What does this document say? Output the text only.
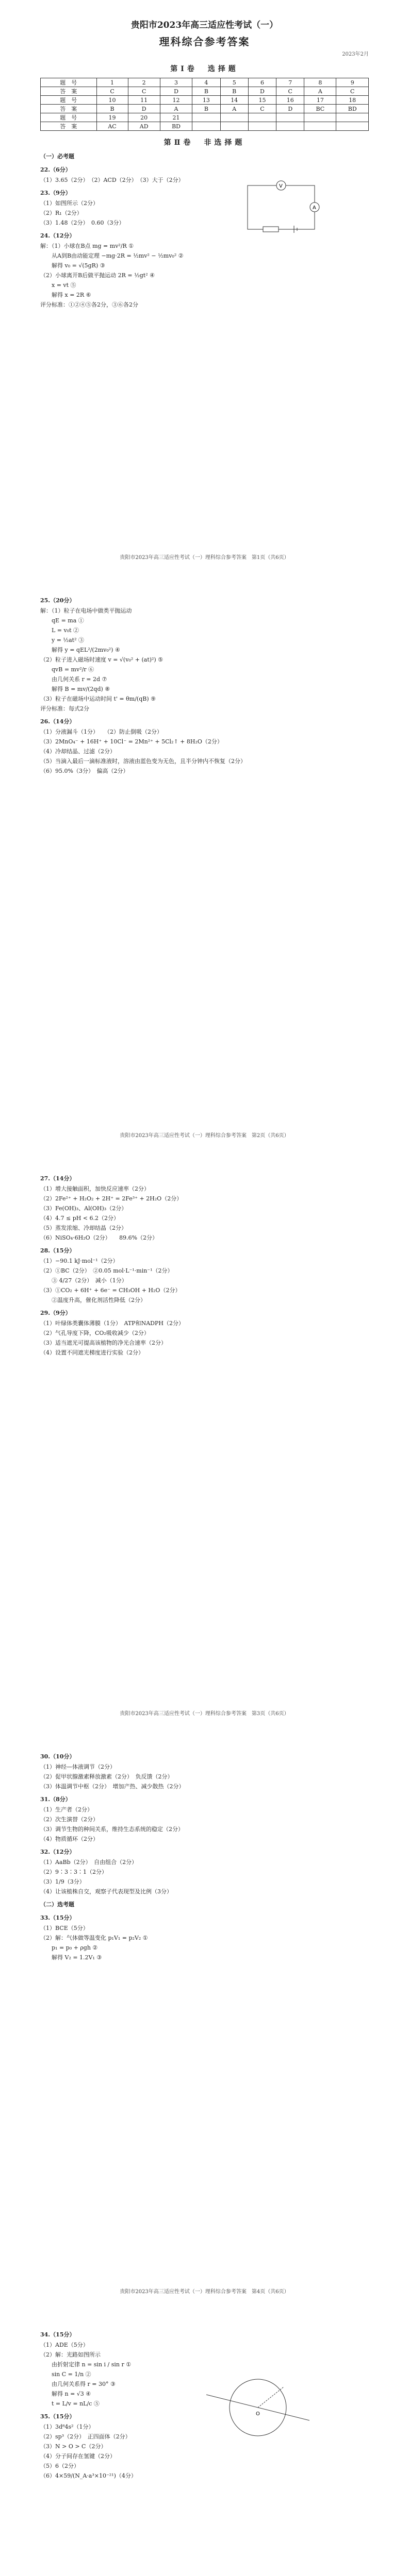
贵阳市2023年高三适应性考试（一）
理科综合参考答案
2023年2月
第Ⅰ卷　选择题
题　号	1	2	3	4	5	6	7	8	9
答　案	C	C	D	B	B	D	C	A	C
题　号	10	11	12	13	14	15	16	17	18
答　案	B	D	A	B	A	C	D	BC	BD
题　号	19	20	21						
答　案	AC	AD	BD						
第Ⅱ卷　非选择题
（一）必考题
22.（6分）
（1）3.65（2分）　（2）ACD（2分）　（3）大于（2分）
23.（9分）
（1）如图所示（2分）
（2）R₁（2分）
（3）1.48（2分）　0.60（3分）
24.（12分）
解：（1）小球在B点 mg = mv²/R ①
　　从A到B由动能定理 −mg·2R = ½mv² − ½mv₀² ②
　　解得 v₀ = √(5gR) ③
（2）小球离开B后做平抛运动 2R = ½gt² ④
　　x = vt ⑤
　　解得 x = 2R ⑥
评分标准：①②④⑤各2分，③⑥各2分
V
A
贵阳市2023年高三适应性考试（一）理科综合参考答案　第1页（共6页）
25.（20分）
解：（1）粒子在电场中做类平抛运动
　　qE = ma ①
　　L = v₀t ②
　　y = ½at² ③
　　解得 y = qEL²/(2mv₀²) ④
（2）粒子进入磁场时速度 v = √(v₀² + (at)²) ⑤
　　qvB = mv²/r ⑥
　　由几何关系 r = 2d ⑦
　　解得 B = mv/(2qd) ⑧
（3）粒子在磁场中运动时间 t' = θm/(qB) ⑨
评分标准：每式2分
26.（14分）
（1）分液漏斗（1分）　　（2）防止倒吸（2分）
（3）2MnO₄⁻ + 16H⁺ + 10Cl⁻ = 2Mn²⁺ + 5Cl₂↑ + 8H₂O（2分）
（4）冷却结晶、过滤（2分）
（5）当滴入最后一滴标准液时，溶液由蓝色变为无色，且半分钟内不恢复（2分）
（6）95.0%（3分）　偏高（2分）
贵阳市2023年高三适应性考试（一）理科综合参考答案　第2页（共6页）
27.（14分）
（1）增大接触面积，加快反应速率（2分）
（2）2Fe²⁺ + H₂O₂ + 2H⁺ = 2Fe³⁺ + 2H₂O（2分）
（3）Fe(OH)₃、Al(OH)₃（2分）
（4）4.7 ≤ pH < 6.2（2分）
（5）蒸发浓缩、冷却结晶（2分）
（6）NiSO₄·6H₂O（2分）　　89.6%（2分）
28.（15分）
（1）−90.1 kJ·mol⁻¹（2分）
（2）①BC（2分）　②0.05 mol·L⁻¹·min⁻¹（2分）
　　③ 4/27（2分）　减小（1分）
（3）①CO₂ + 6H⁺ + 6e⁻ = CH₃OH + H₂O（2分）
　　②温度升高，催化剂活性降低（2分）
29.（9分）
（1）叶绿体类囊体薄膜（1分）　ATP和NADPH（2分）
（2）气孔导度下降，CO₂吸收减少（2分）
（3）适当遮光可提高该植物的净光合速率（2分）
（4）设置不同遮光梯度进行实验（2分）
贵阳市2023年高三适应性考试（一）理科综合参考答案　第3页（共6页）
30.（10分）
（1）神经—体液调节（2分）
（2）促甲状腺激素释放激素（2分）　负反馈（2分）
（3）体温调节中枢（2分）　增加产热、减少散热（2分）
31.（8分）
（1）生产者（2分）
（2）次生演替（2分）
（3）调节生物的种间关系，维持生态系统的稳定（2分）
（4）物质循环（2分）
32.（12分）
（1）AaBb（2分）　自由组合（2分）
（2）9∶3∶3∶1（2分）
（3）1/9（3分）
（4）让该植株自交，观察子代表现型及比例（3分）
（二）选考题
33.（15分）
（1）BCE（5分）
（2）解：气体做等温变化 p₁V₁ = p₂V₂ ①
　　p₁ = p₀ + ρgh ②
　　解得 V₂ = 1.2V₁ ③
贵阳市2023年高三适应性考试（一）理科综合参考答案　第4页（共6页）
34.（15分）
（1）ADE（5分）
（2）解：光路如图所示
　　由折射定律 n = sin i / sin r ①
　　sin C = 1/n ②
　　由几何关系得 r = 30° ③
　　解得 n = √3 ④
　　t = L/v = nL/c ⑤
35.（15分）
（1）3d⁸4s²（1分）
（2）sp³（2分）　正四面体（2分）
（3）N > O > C（2分）
（4）分子间存在氢键（2分）
（5）6（2分）
（6）4×59/(N_A·a³×10⁻²¹)（4分）
O
